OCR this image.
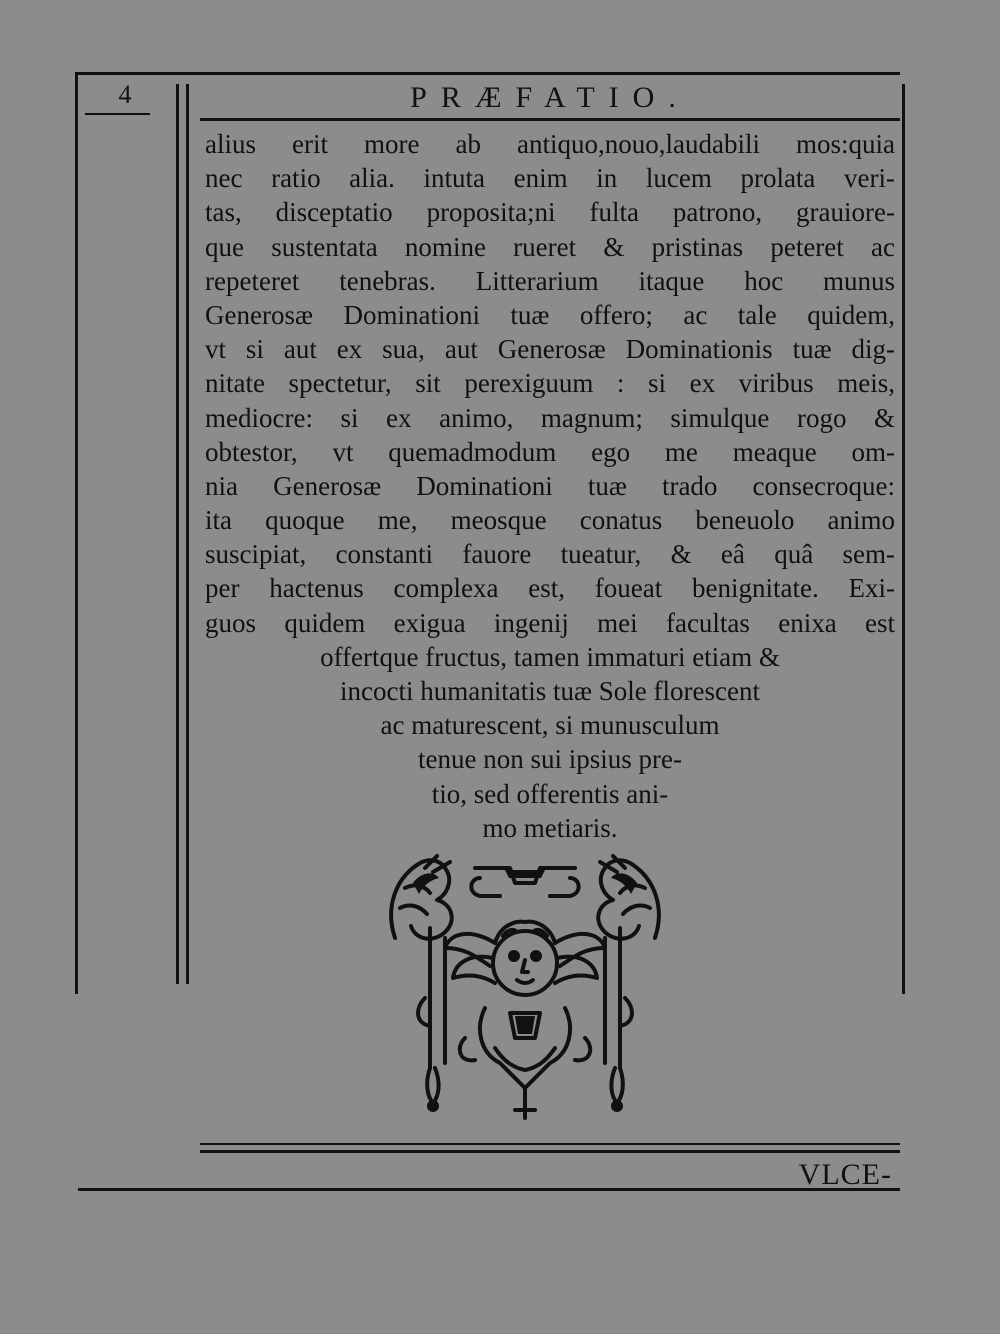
4	PRÆFATIO.
alius erit more ab antiquo,nouo,laudabili mos:quia
nec ratio alia. intuta enim in lucem prolata veri-
tas, disceptatio proposita;ni fulta patrono, grauiore-
que sustentata nomine rueret & pristinas peteret ac
repeteret tenebras. Litterarium itaque hoc munus
Generosæ Dominationi tuæ offero; ac tale quidem,
vt si aut ex sua, aut Generosæ Dominationis tuæ dig-
nitate spectetur, sit perexiguum : si ex viribus meis,
mediocre: si ex animo, magnum; simulque rogo &
obtestor, vt quemadmodum ego me meaque om-
nia Generosæ Dominationi tuæ trado consecroque:
ita quoque me, meosque conatus beneuolo animo
suscipiat, constanti fauore tueatur, & eâ quâ sem-
per hactenus complexa est, foueat benignitate. Exi-
guos quidem exigua ingenij mei facultas enixa est
offertque fructus, tamen immaturi etiam &
incocti humanitatis tuæ Sole florescent
ac maturescent, si munusculum
tenue non sui ipsius pre-
tio, sed offerentis ani-
mo metiaris.
VLCE-
